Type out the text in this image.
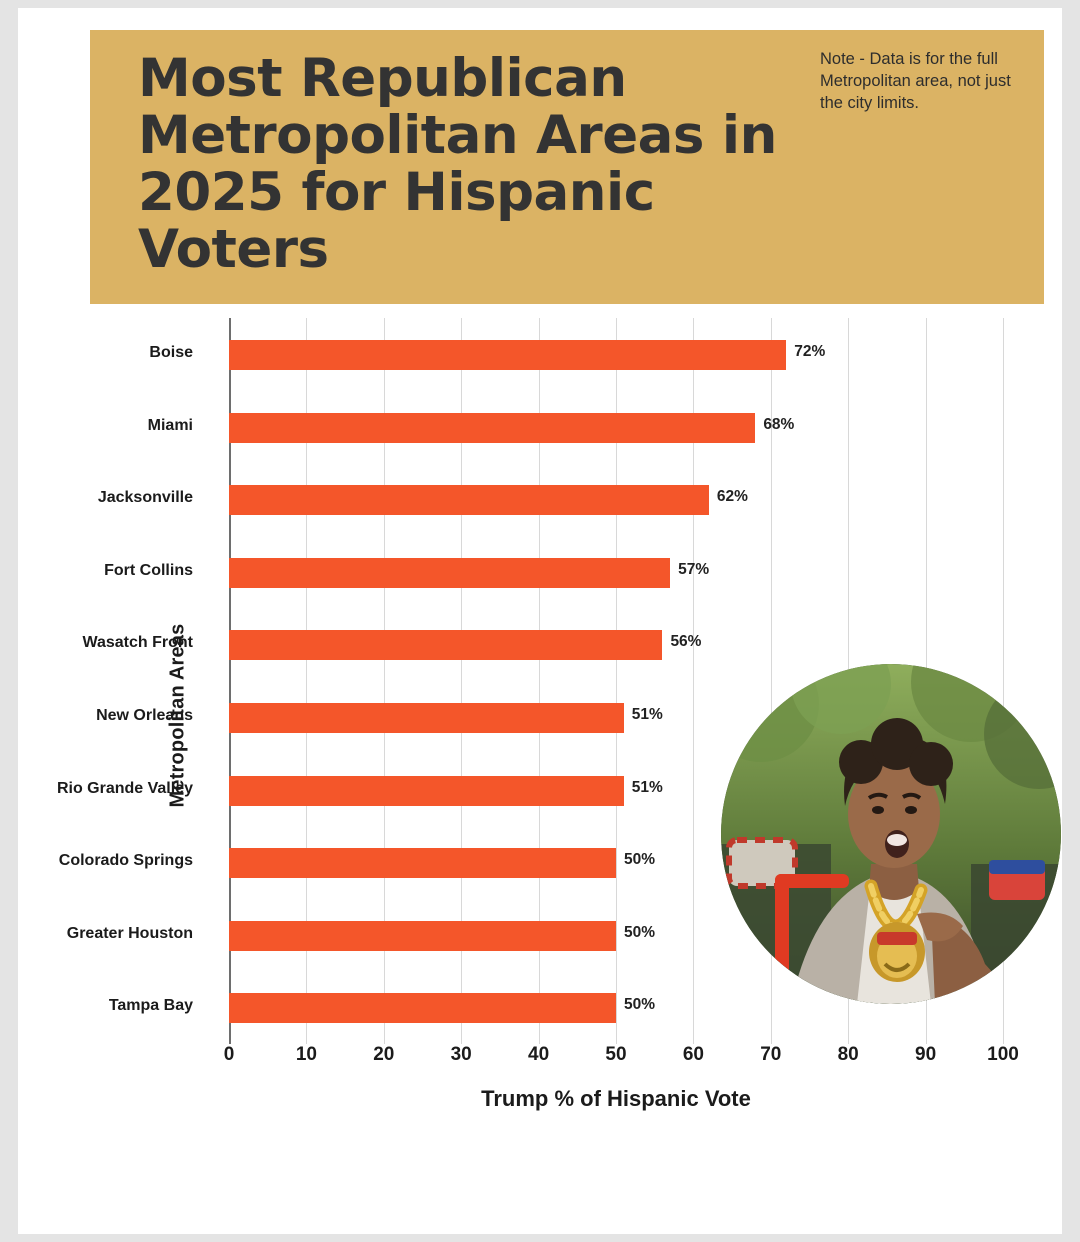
Most Republican Metropolitan Areas in 2025 for Hispanic Voters
Note - Data is for the full Metropolitan area, not just the city limits.
Metropolitan Areas
72%
Boise
68%
Miami
62%
Jacksonville
57%
Fort Collins
56%
Wasatch Front
51%
New Orleans
51%
Rio Grande Valley
50%
Colorado Springs
50%
Greater Houston
50%
Tampa Bay
Trump % of Hispanic Vote
0	10	20	30	40	50	60	70	80	90	100
